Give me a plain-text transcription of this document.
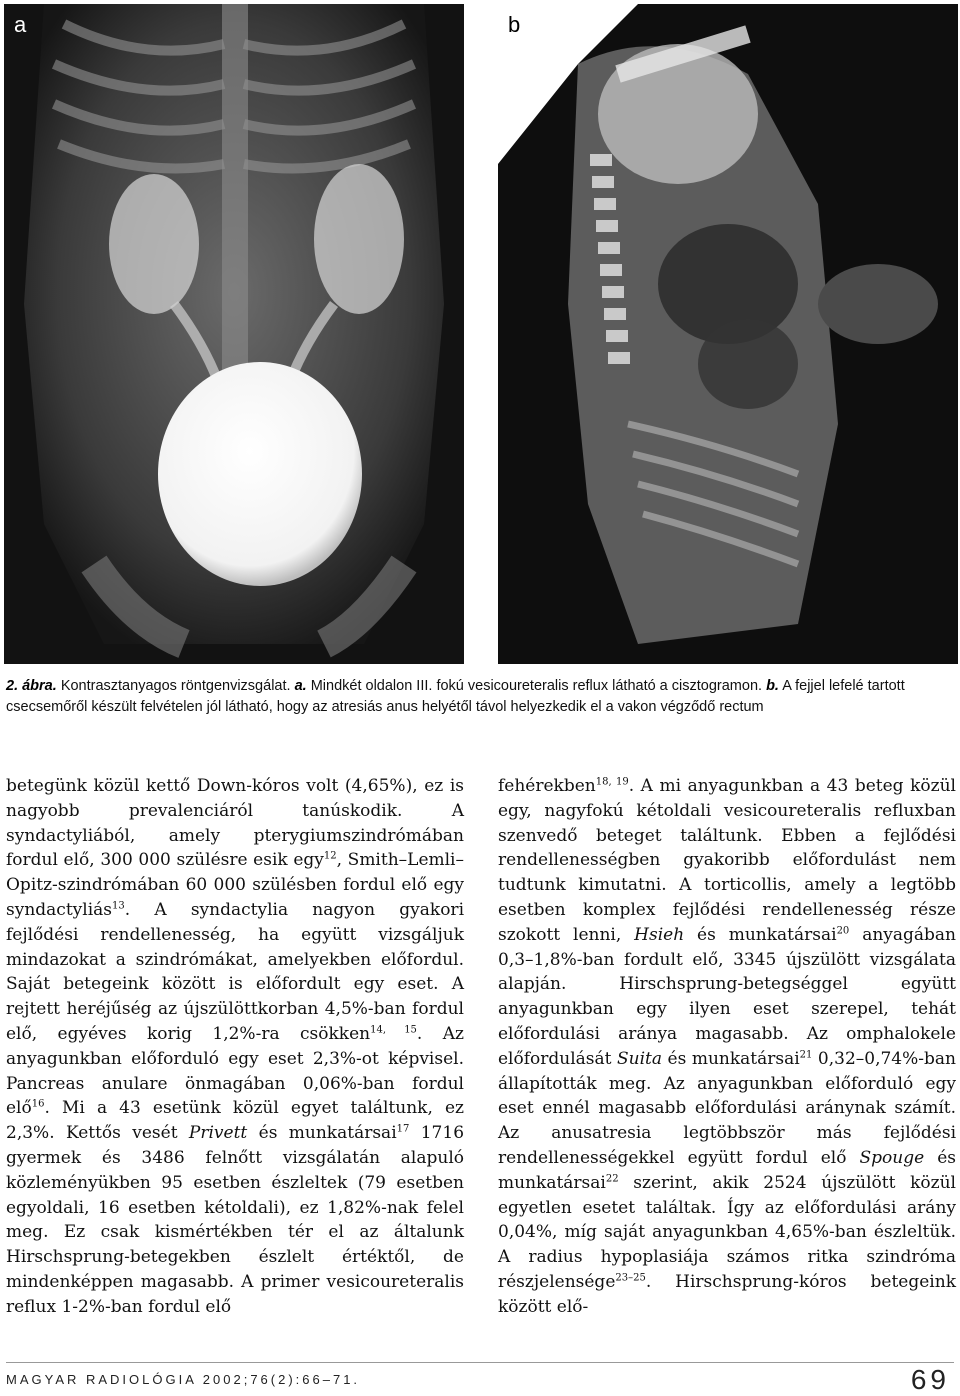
a	b
2. ábra. Kontrasztanyagos röntgenvizsgálat. a. Mindkét oldalon III. fokú vesicoureteralis reflux látható a cisztogramon. b. A fejjel lefelé tartott csecsemőről készült felvételen jól látható, hogy az atresiás anus helyétől távol helyezkedik el a vakon végződő rectum

betegünk közül kettő Down-kóros volt (4,65%), ez is nagyobb prevalenciáról tanúskodik. A syndactyliából, amely pterygiumszindrómában fordul elő, 300 000 szülésre esik egy$^{12}$, Smith–Lemli–Opitz-szindrómában 60 000 szülésben fordul elő egy syndactyliás$^{13}$. A syndactylia nagyon gyakori fejlődési rendellenesség, ha együtt vizsgáljuk mindazokat a szindrómákat, amelyekben előfordul. Saját betegeink között is előfordult egy eset. A rejtett heréjűség az újszülöttkorban 4,5%-ban fordul elő, egyéves korig 1,2%-ra csökken$^{14, 15}$. Az anyagunkban előforduló egy eset 2,3%-ot képvisel. Pancreas anulare önmagában 0,06%-ban fordul elő$^{16}$. Mi a 43 esetünk közül egyet találtunk, ez 2,3%. Kettős vesét Privett és munkatársai$^{17}$ 1716 gyermek és 3486 felnőtt vizsgálatán alapuló közleményükben 95 esetben észleltek (79 esetben egyoldali, 16 esetben kétoldali), ez 1,82%-nak felel meg. Ez csak kismértékben tér el az általunk Hirschsprung-betegekben észlelt értéktől, de mindenképpen magasabb. A primer vesicoureteralis reflux 1-2%-ban fordul elő

fehérekben$^{18, 19}$. A mi anyagunkban a 43 beteg közül egy, nagyfokú kétoldali vesicoureteralis refluxban szenvedő beteget találtunk. Ebben a fejlődési rendellenességben gyakoribb előfordulást nem tudtunk kimutatni. A torticollis, amely a legtöbb esetben komplex fejlődési rendellenesség része szokott lenni, Hsieh és munkatársai$^{20}$ anyagában 0,3–1,8%-ban fordult elő, 3345 újszülött vizsgálata alapján. Hirschsprung-betegséggel együtt anyagunkban egy ilyen eset szerepel, tehát előfordulási aránya magasabb. Az omphalokele előfordulását Suita és munkatársai$^{21}$ 0,32–0,74%-ban állapították meg. Az anyagunkban előforduló egy eset ennél magasabb előfordulási aránynak számít. Az anusatresia legtöbbször más fejlődési rendellenességekkel együtt fordul elő Spouge és munkatársai$^{22}$ szerint, akik 2524 újszülött közül egyetlen esetet találtak. Így az előfordulási arány 0,04%, míg saját anyagunkban 4,65%-ban észleltük. A radius hypoplasiája számos ritka szindróma részjelensége$^{23-25}$. Hirschsprung-kóros betegeink között elő-

MAGYAR RADIOLÓGIA 2002;76(2):66–71.	69
